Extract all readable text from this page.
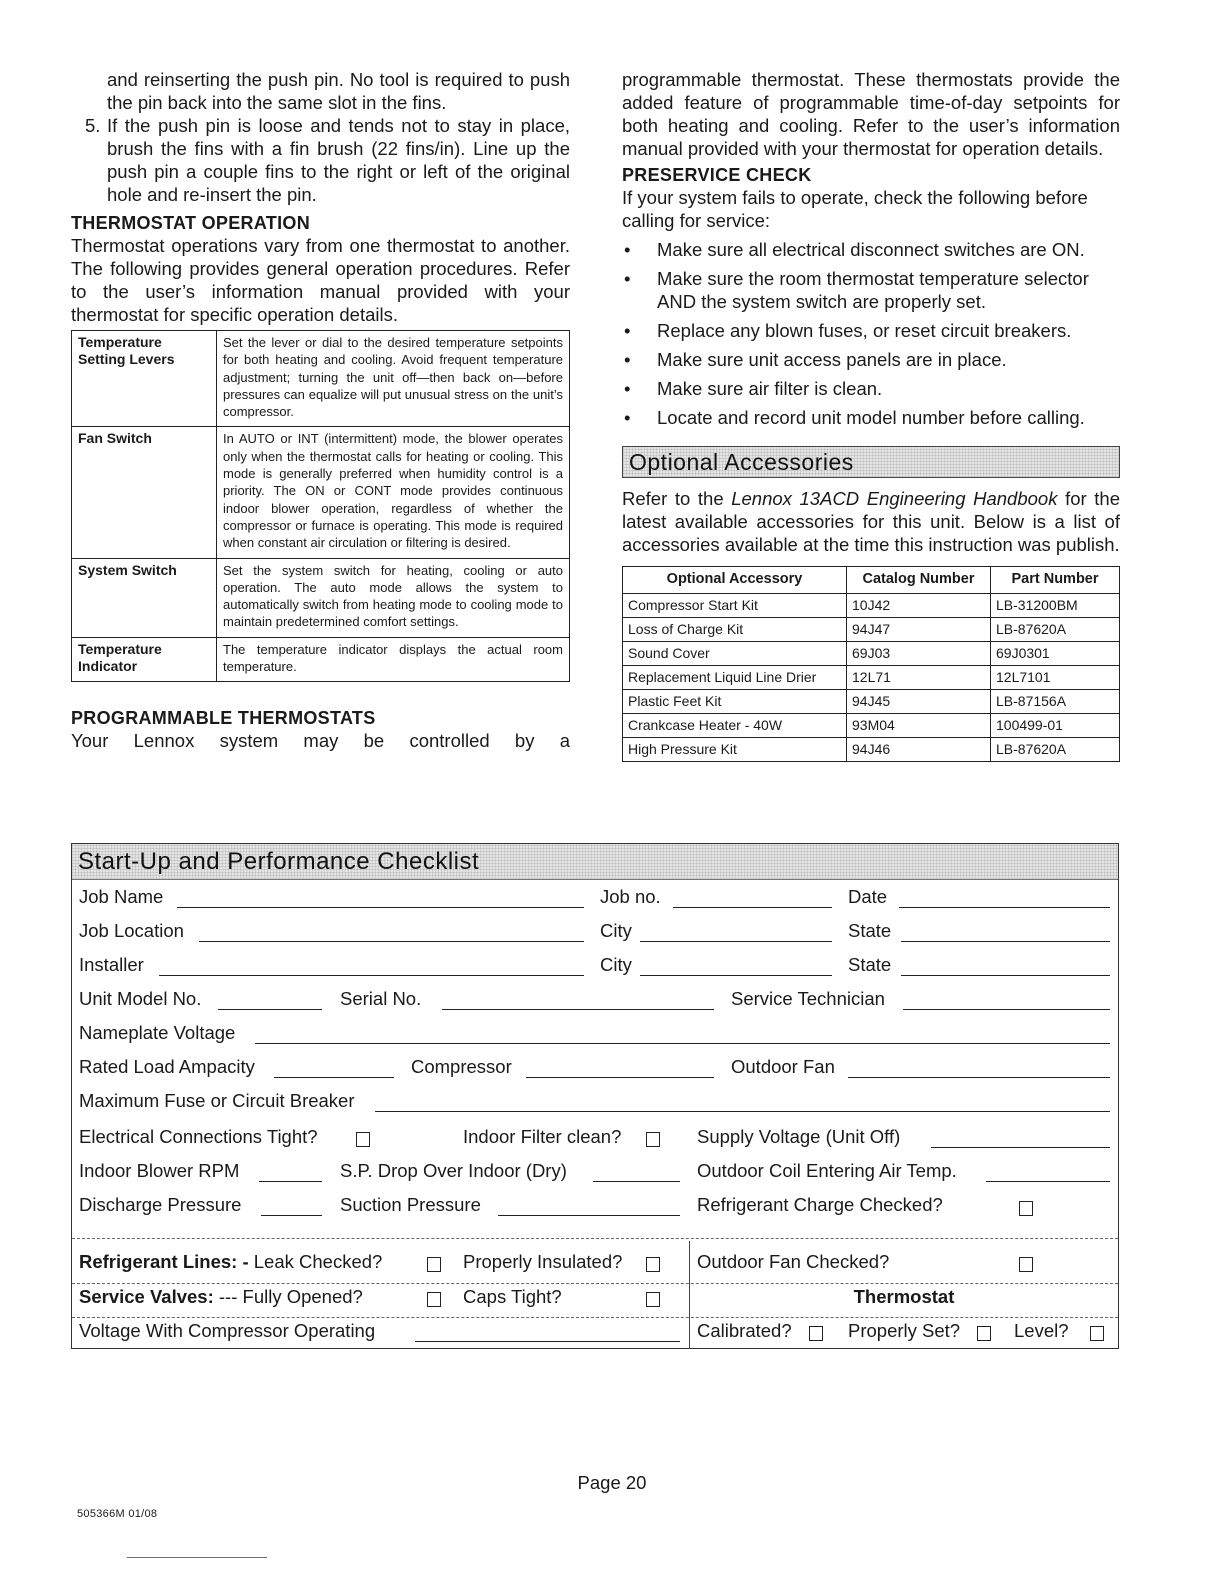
and reinserting the push pin. No tool is required to push the pin back into the same slot in the fins.

5. If the push pin is loose and tends not to stay in place, brush the fins with a fin brush (22 fins/in). Line up the push pin a couple fins to the right or left of the original hole and re-insert the pin.
THERMOSTAT OPERATION

Thermostat operations vary from one thermostat to another. The following provides general operation procedures. Refer to the user’s information manual provided with your thermostat for specific operation details.

Temperature Setting Levers	Set the lever or dial to the desired temperature setpoints for both heating and cooling. Avoid frequent temperature adjustment; turning the unit off—then back on—before pressures can equalize will put unusual stress on the unit’s compressor.
Fan Switch	In AUTO or INT (intermittent) mode, the blower operates only when the thermostat calls for heating or cooling. This mode is generally preferred when humidity control is a priority. The ON or CONT mode provides continuous indoor blower operation, regardless of whether the compressor or furnace is operating. This mode is required when constant air circulation or filtering is desired.
System Switch	Set the system switch for heating, cooling or auto operation. The auto mode allows the system to automatically switch from heating mode to cooling mode to maintain predetermined comfort settings.
Temperature Indicator	The temperature indicator displays the actual room temperature.
PROGRAMMABLE THERMOSTATS

Your Lennox system may be controlled by a

programmable thermostat. These thermostats provide the added feature of programmable time-of-day setpoints for both heating and cooling. Refer to the user’s information manual provided with your thermostat for operation details.

PRESERVICE CHECK

If your system fails to operate, check the following before calling for service:

• Make sure all electrical disconnect switches are ON.
• Make sure the room thermostat temperature selector AND the system switch are properly set.
• Replace any blown fuses, or reset circuit breakers.
• Make sure unit access panels are in place.
• Make sure air filter is clean.
• Locate and record unit model number before calling.
Optional Accessories

Refer to the Lennox 13ACD Engineering Handbook for the latest available accessories for this unit. Below is a list of accessories available at the time this instruction was publish.

Optional Accessory	Catalog Number	Part Number
Compressor Start Kit	10J42	LB-31200BM
Loss of Charge Kit	94J47	LB-87620A
Sound Cover	69J03	69J0301
Replacement Liquid Line Drier	12L71	12L7101
Plastic Feet Kit	94J45	LB-87156A
Crankcase Heater - 40W	93M04	100499-01
High Pressure Kit	94J46	LB-87620A
Start-Up and Performance Checklist
Job Name	Job no.	Date
Job Location	City	State
Installer	City	State
Unit Model No.	Serial No.	Service Technician
Nameplate Voltage
Rated Load Ampacity	Compressor	Outdoor Fan
Maximum Fuse or Circuit Breaker
Electrical Connections Tight?	Indoor Filter clean?	Supply Voltage (Unit Off)
Indoor Blower RPM	S.P. Drop Over Indoor (Dry)	Outdoor Coil Entering Air Temp.
Discharge Pressure	Suction Pressure	Refrigerant Charge Checked?
Refrigerant Lines: - Leak Checked?	Properly Insulated?	Outdoor Fan Checked?
Service Valves: --- Fully Opened?	Caps Tight?	Thermostat
Voltage With Compressor Operating	Calibrated?	Properly Set?	Level?
Page 20
505366M 01/08
